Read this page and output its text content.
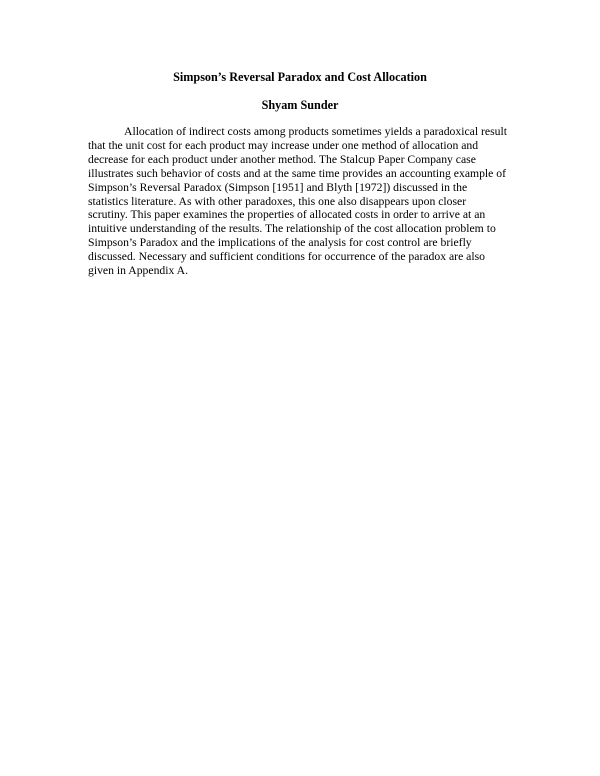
Simpson’s Reversal Paradox and Cost Allocation
Shyam Sunder

Allocation of indirect costs among products sometimes yields a paradoxical result
that the unit cost for each product may increase under one method of allocation and
decrease for each product under another method. The Stalcup Paper Company case
illustrates such behavior of costs and at the same time provides an accounting example of
Simpson’s Reversal Paradox (Simpson [1951] and Blyth [1972]) discussed in the
statistics literature. As with other paradoxes, this one also disappears upon closer
scrutiny. This paper examines the properties of allocated costs in order to arrive at an
intuitive understanding of the results. The relationship of the cost allocation problem to
Simpson’s Paradox and the implications of the analysis for cost control are briefly
discussed. Necessary and sufficient conditions for occurrence of the paradox are also
given in Appendix A.
